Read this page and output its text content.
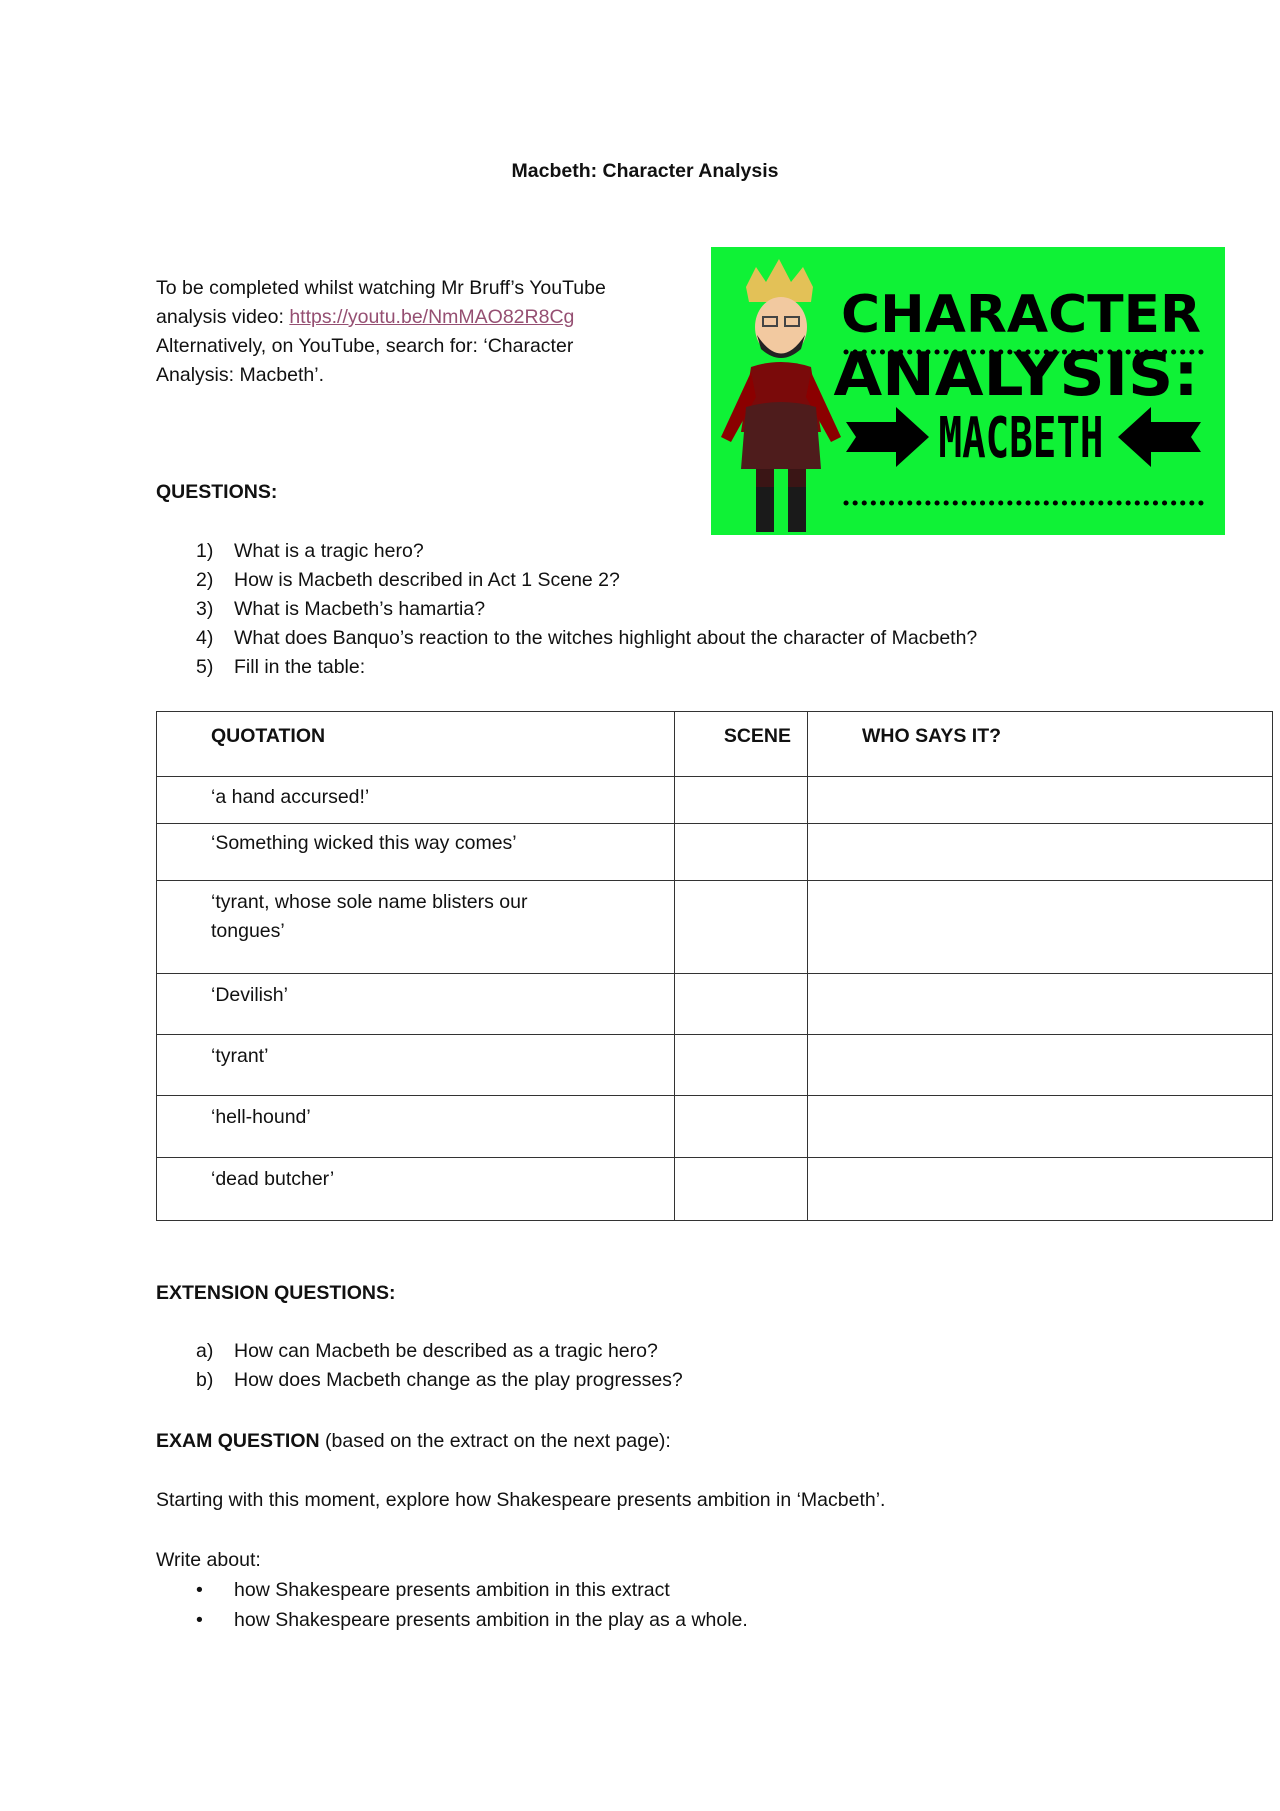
Macbeth: Character Analysis
To be completed whilst watching Mr Bruff’s YouTube
analysis video: https://youtu.be/NmMAO82R8Cg
Alternatively, on YouTube, search for: ‘Character
Analysis: Macbeth’.
CHARACTER
ANALYSIS:
MACBETH
QUESTIONS:
1) What is a tragic hero?
2) How is Macbeth described in Act 1 Scene 2?
3) What is Macbeth’s hamartia?
4) What does Banquo’s reaction to the witches highlight about the character of Macbeth?
5) Fill in the table:
QUOTATION	SCENE	WHO SAYS IT?
‘a hand accursed!’		
‘Something wicked this way comes’		
‘tyrant, whose sole name blisters our tongues’		
‘Devilish’		
‘tyrant’		
‘hell-hound’		
‘dead butcher’		
EXTENSION QUESTIONS:
a) How can Macbeth be described as a tragic hero?
b) How does Macbeth change as the play progresses?
EXAM QUESTION (based on the extract on the next page):
Starting with this moment, explore how Shakespeare presents ambition in ‘Macbeth’.
Write about:
• how Shakespeare presents ambition in this extract
• how Shakespeare presents ambition in the play as a whole.
